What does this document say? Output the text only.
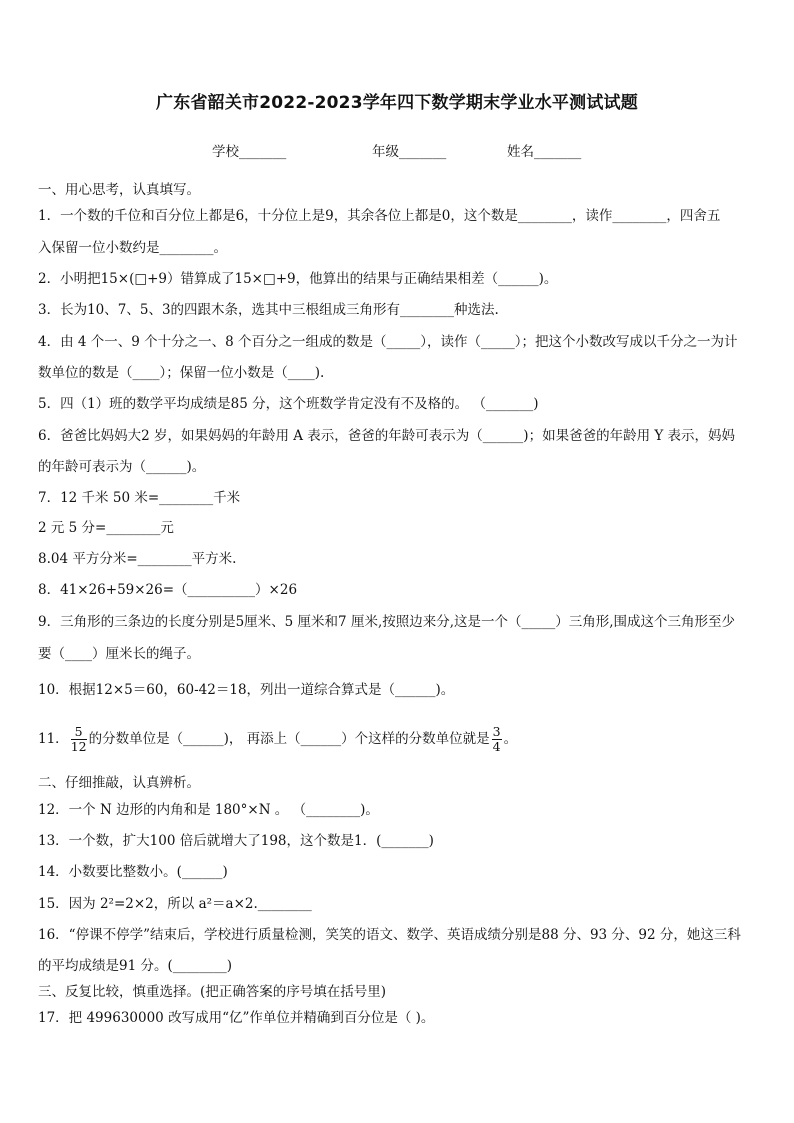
广东省韶关市2022-2023学年四下数学期末学业水平测试试题
学校_______	年级_______	姓名_______
一、用心思考，认真填写。
1．一个数的千位和百分位上都是6，十分位上是9，其余各位上都是0，这个数是________，读作________，四舍五
入保留一位小数约是________。
2．小明把15×(□+9）错算成了15×□+9，他算出的结果与正确结果相差（______)。
3．长为10、7、5、3的四跟木条，选其中三根组成三角形有________种选法.
4．由 4 个一、9 个十分之一、8 个百分之一组成的数是（_____），读作（_____）；把这个小数改写成以千分之一为计
数单位的数是（____）；保留一位小数是（____).
5．四（1）班的数学平均成绩是85 分，这个班数学肯定没有不及格的。 （_______)
6．爸爸比妈妈大2 岁，如果妈妈的年龄用 A 表示，爸爸的年龄可表示为（______)；如果爸爸的年龄用 Y 表示，妈妈
的年龄可表示为（______)。
7．12 千米 50 米=________千米
2 元 5 分=________元
8.04 平方分米=________平方米.
8．41×26+59×26=（__________）×26
9．三角形的三条边的长度分别是5厘米、5 厘米和7 厘米,按照边来分,这是一个（_____）三角形,围成这个三角形至少
要（____）厘米长的绳子。
10．根据12×5＝60，60-42＝18，列出一道综合算式是（______)。
11． $\frac{5}{12}$ 的分数单位是（______)， 再添上（______）个这样的分数单位就是 $\frac{3}{4}$ 。
二、仔细推敲，认真辨析。
12．一个 N 边形的内角和是 180°×N 。 （________)。
13．一个数，扩大100 倍后就增大了198，这个数是1．(_______)
14．小数要比整数小。(______)
15．因为 2²=2×2，所以 a²＝a×2.________
16．“停课不停学”结束后，学校进行质量检测，笑笑的语文、数学、英语成绩分别是88 分、93 分、92 分，她这三科
的平均成绩是91 分。(________)
三、反复比较，慎重选择。(把正确答案的序号填在括号里)
17．把 499630000 改写成用“亿”作单位并精确到百分位是（ )。
